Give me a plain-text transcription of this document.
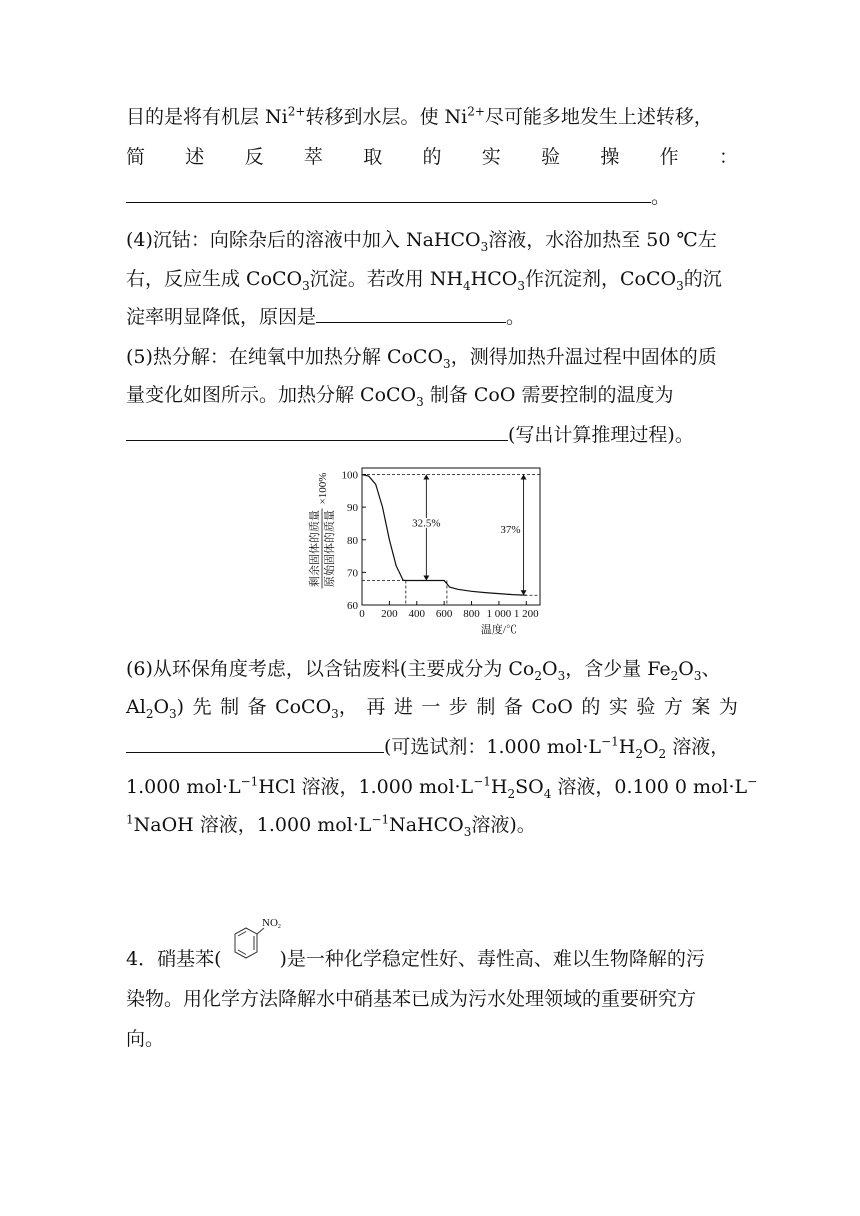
目的是将有机层 $Ni^{2+}$转移到水层。使 $Ni^{2+}$尽可能多地发生上述转移，
简 述 反 萃 取 的 实 验 操 作 ：
。
(4)沉钴：向除杂后的溶液中加入 NaHCO$_3$溶液，水浴加热至 50 ℃左
右，反应生成 CoCO$_3$沉淀。若改用 $NH_4HCO_3$作沉淀剂，CoCO$_3$的沉
淀率明显降低，原因是	。
(5)热分解：在纯氧中加热分解 CoCO$_3$，测得加热升温过程中固体的质
量变化如图所示。加热分解 CoCO$_3$ 制备 CoO 需要控制的温度为
(写出计算推理过程)。
60
70
80
90
100
0 200 400 600 800 1 000 1 200
温度/℃
剩余固体的质量 原始固体的质量
×100%
32.5%
37%
(6)从环保角度考虑，以含钴废料(主要成分为 $Co_2O_3$，含少量 $Fe_2O_3$、
$Al_2O_3$) 先 制 备 CoCO$_3$， 再 进 一 步 制 备 CoO 的 实 验 方 案 为
(可选试剂：1.000 $mol\cdot L^{-1}H_2O_2$ 溶液，
1.000 $mol\cdot L^{-1}HCl$ 溶液，1.000 $mol\cdot L^{-1}H_2SO_4$ 溶液，0.100 0 mol·L−
$^1$NaOH 溶液，1.000 $mol\cdot L^{-1}NaHCO_3$溶液)。
NO2
4．硝基苯(	)是一种化学稳定性好、毒性高、难以生物降解的污
染物。用化学方法降解水中硝基苯已成为污水处理领域的重要研究方
向。
